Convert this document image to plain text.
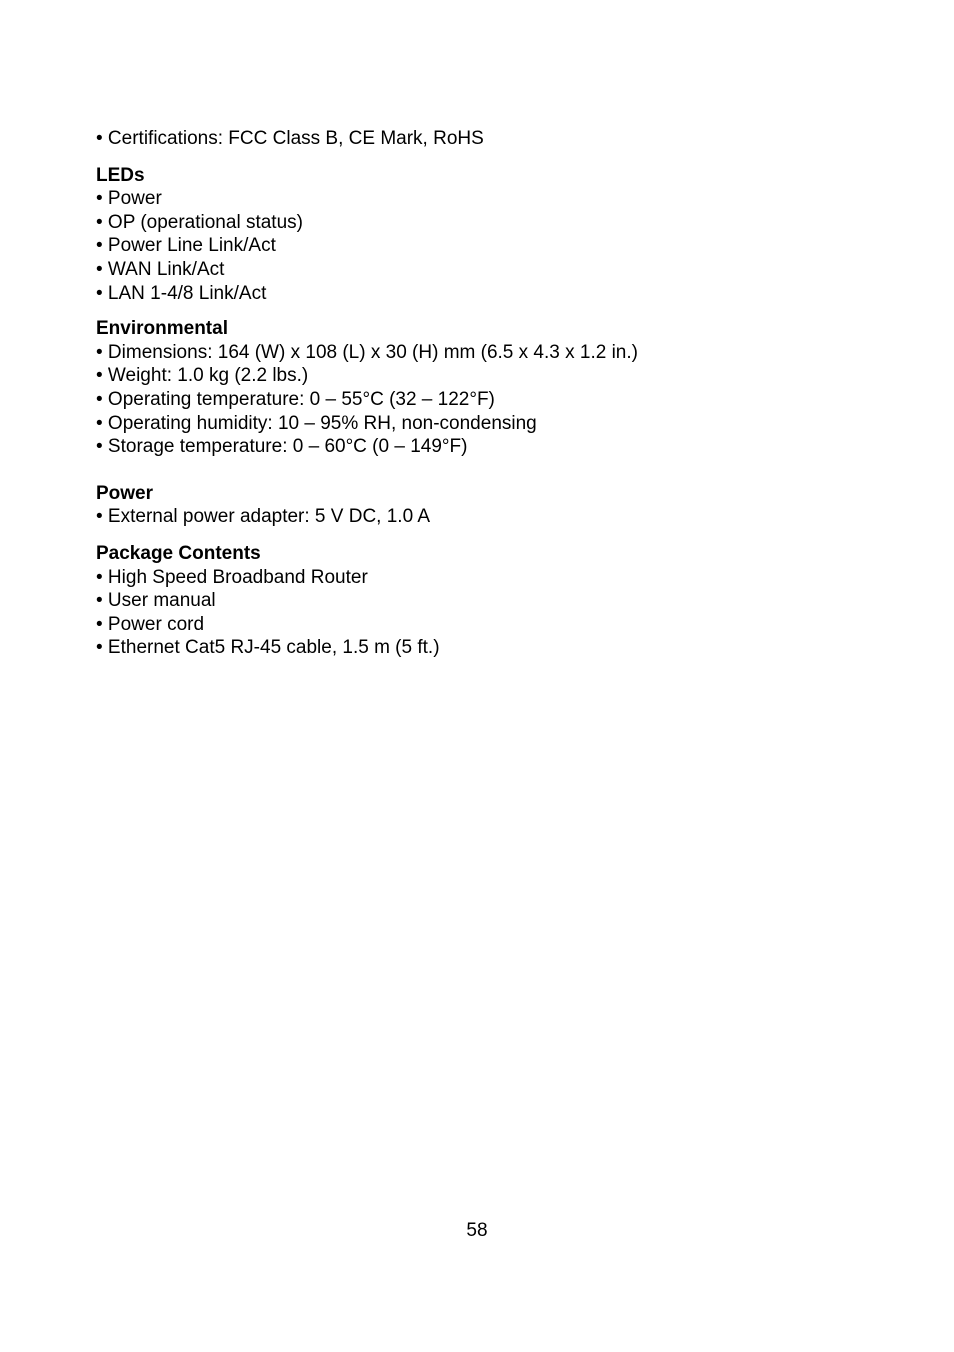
• Certifications: FCC Class B, CE Mark, RoHS
LEDs
• Power
• OP (operational status)
• Power Line Link/Act
• WAN Link/Act
• LAN 1-4/8 Link/Act
Environmental
• Dimensions: 164 (W) x 108 (L) x 30 (H) mm (6.5 x 4.3 x 1.2 in.)
• Weight: 1.0 kg (2.2 lbs.)
• Operating temperature: 0 – 55°C (32 – 122°F)
• Operating humidity: 10 – 95% RH, non-condensing
• Storage temperature: 0 – 60°C (0 – 149°F)
Power
• External power adapter: 5 V DC, 1.0 A
Package Contents
• High Speed Broadband Router
• User manual
• Power cord
• Ethernet Cat5 RJ-45 cable, 1.5 m (5 ft.)
58
